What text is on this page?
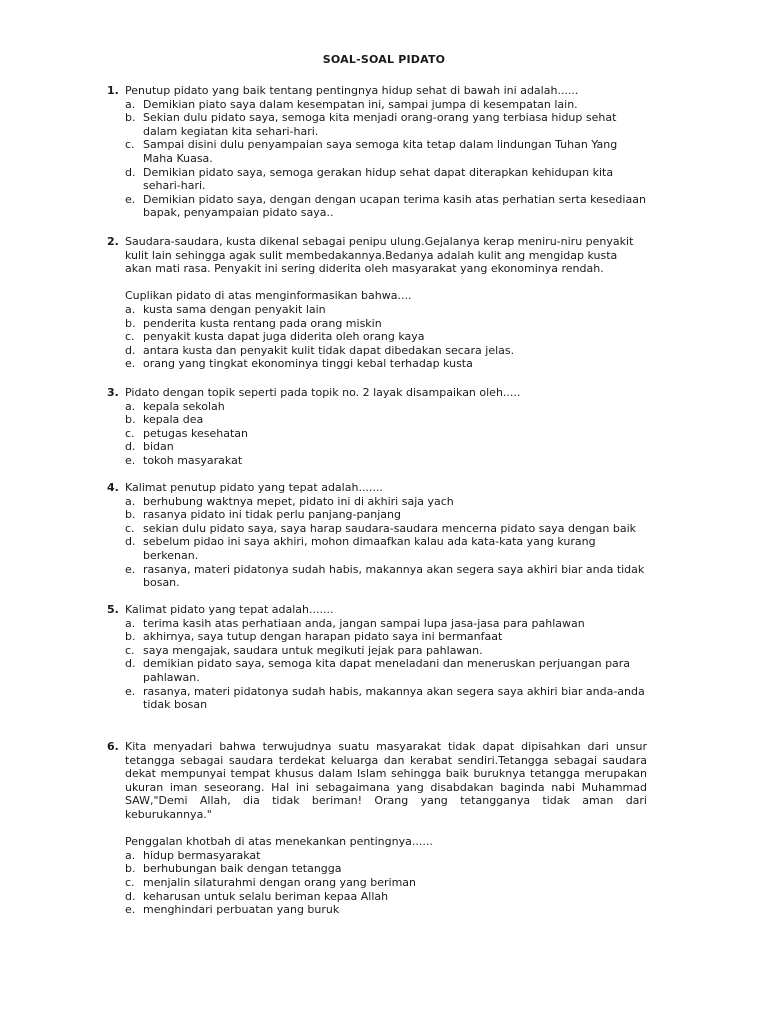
SOAL-SOAL PIDATO
1. Penutup pidato yang baik tentang pentingnya hidup sehat di bawah ini adalah......
a. Demikian piato saya dalam kesempatan ini, sampai jumpa di kesempatan lain.
b. Sekian dulu pidato saya, semoga kita menjadi orang-orang yang terbiasa hidup sehat dalam kegiatan kita sehari-hari.
c. Sampai disini dulu penyampaian saya semoga kita tetap dalam lindungan Tuhan Yang Maha Kuasa.
d. Demikian pidato saya, semoga gerakan hidup sehat dapat diterapkan kehidupan kita sehari-hari.
e. Demikian pidato saya, dengan dengan ucapan terima kasih atas perhatian serta kesediaan bapak, penyampaian pidato saya..
2. Saudara-saudara, kusta dikenal sebagai penipu ulung.Gejalanya kerap meniru-niru penyakit kulit lain sehingga agak sulit membedakannya.Bedanya adalah kulit ang mengidap kusta akan mati rasa. Penyakit ini sering diderita oleh masyarakat yang ekonominya rendah.
Cuplikan pidato di atas menginformasikan bahwa....
a. kusta sama dengan penyakit lain
b. penderita kusta rentang pada orang miskin
c. penyakit kusta dapat juga diderita oleh orang kaya
d. antara kusta dan penyakit kulit tidak dapat dibedakan secara jelas.
e. orang yang tingkat ekonominya tinggi kebal terhadap kusta
3. Pidato dengan topik seperti pada topik no. 2 layak disampaikan oleh.....
a. kepala sekolah
b. kepala dea
c. petugas kesehatan
d. bidan
e. tokoh masyarakat
4. Kalimat penutup pidato yang tepat adalah.......
a. berhubung waktnya mepet, pidato ini di akhiri saja yach
b. rasanya pidato ini tidak perlu panjang-panjang
c. sekian dulu pidato saya, saya harap saudara-saudara mencerna pidato saya dengan baik
d. sebelum pidao ini saya akhiri, mohon dimaafkan kalau ada kata-kata yang kurang berkenan.
e. rasanya, materi pidatonya sudah habis, makannya akan segera saya akhiri biar anda tidak bosan.
5. Kalimat pidato yang tepat adalah.......
a. terima kasih atas perhatiaan anda, jangan sampai lupa jasa-jasa para pahlawan
b. akhirnya, saya tutup dengan harapan pidato saya ini bermanfaat
c. saya mengajak, saudara untuk megikuti jejak para pahlawan.
d. demikian pidato saya, semoga kita dapat meneladani dan meneruskan perjuangan para pahlawan.
e. rasanya, materi pidatonya sudah habis, makannya akan segera saya akhiri biar anda-anda tidak bosan
6. Kita menyadari bahwa terwujudnya suatu masyarakat tidak dapat dipisahkan dari unsur tetangga sebagai saudara terdekat keluarga dan kerabat sendiri.Tetangga sebagai saudara dekat mempunyai tempat khusus dalam Islam sehingga baik buruknya tetangga merupakan ukuran iman seseorang. Hal ini sebagaimana yang disabdakan baginda nabi Muhammad SAW,"Demi Allah, dia tidak beriman! Orang yang tetangganya tidak aman dari keburukannya."
Penggalan khotbah di atas menekankan pentingnya......
a. hidup bermasyarakat
b. berhubungan baik dengan tetangga
c. menjalin silaturahmi dengan orang yang beriman
d. keharusan untuk selalu beriman kepaa Allah
e. menghindari perbuatan yang buruk
